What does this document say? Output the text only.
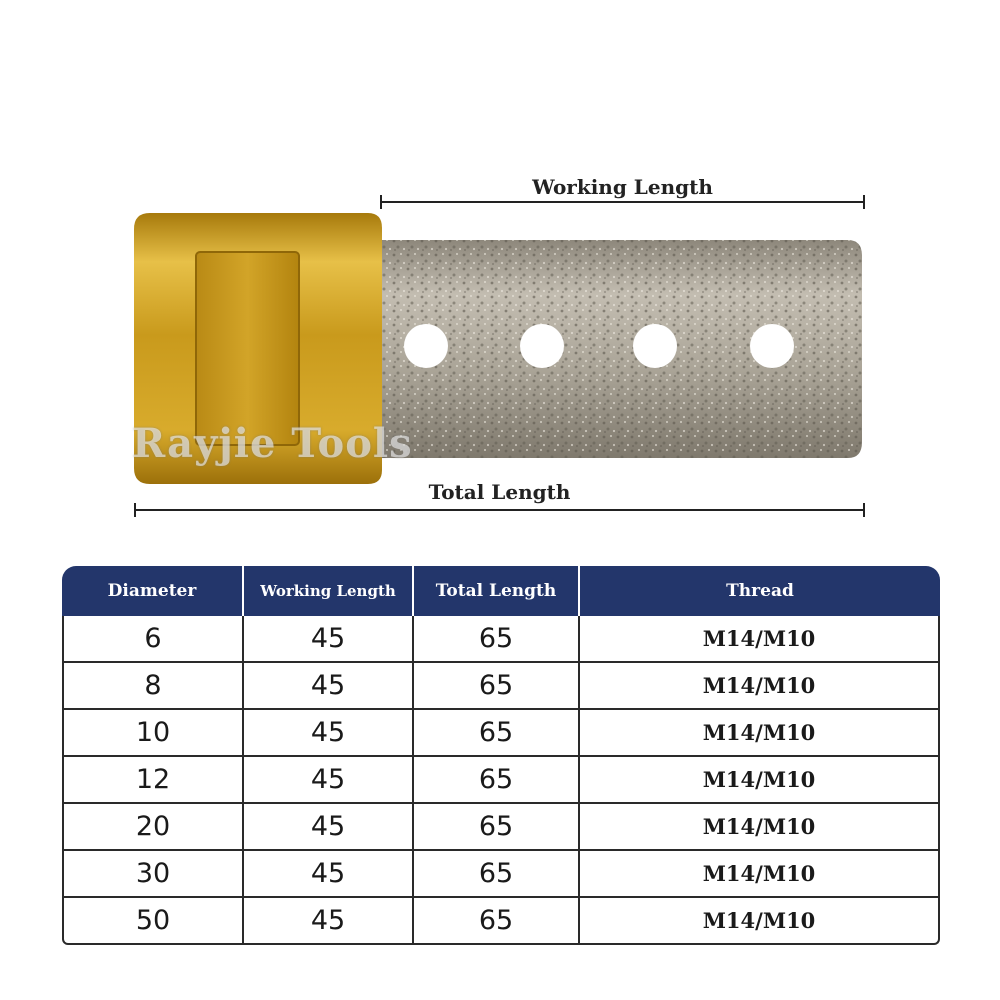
Working Length
Rayjie Tools
Total Length
Diameter	Working Length	Total Length	Thread
6	45	65	M14/M10
8	45	65	M14/M10
10	45	65	M14/M10
12	45	65	M14/M10
20	45	65	M14/M10
30	45	65	M14/M10
50	45	65	M14/M10
